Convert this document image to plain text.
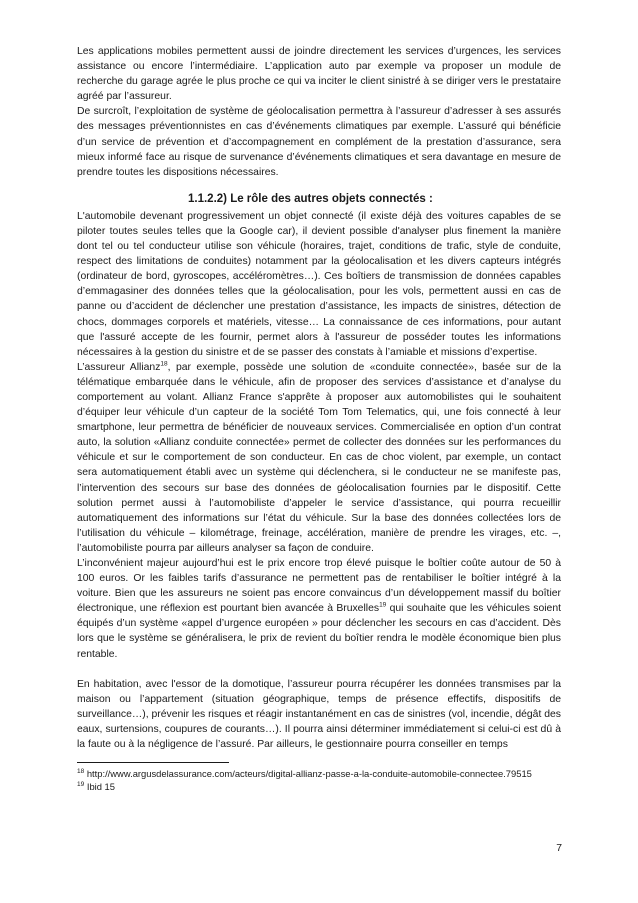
Les applications mobiles permettent aussi de joindre directement les services d’urgences, les services assistance ou encore l’intermédiaire. L’application auto par exemple va proposer un module de recherche du garage agrée le plus proche ce qui va inciter le client sinistré à se diriger vers le prestataire agréé par l’assureur.

De surcroît, l’exploitation de système de géolocalisation permettra à l’assureur d’adresser à ses assurés des messages préventionnistes en cas d’événements climatiques par exemple. L’assuré qui bénéficie d’un service de prévention et d’accompagnement en complément de la prestation d’assurance, sera mieux informé face au risque de survenance d’événements climatiques et sera davantage en mesure de prendre toutes les dispositions nécessaires.

1.1.2.2) Le rôle des autres objets connectés :

L'automobile devenant progressivement un objet connecté (il existe déjà des voitures capables de se piloter toutes seules telles que la Google car), il devient possible d'analyser plus finement la manière dont tel ou tel conducteur utilise son véhicule (horaires, trajet, conditions de trafic, style de conduite, respect des limitations de conduites) notamment par la géolocalisation et les divers capteurs intégrés (ordinateur de bord, gyroscopes, accéléromètres…). Ces boîtiers de transmission de données capables d’emmagasiner des données telles que la géolocalisation, pour les vols, permettent aussi en cas de panne ou d’accident de déclencher une prestation d’assistance, les impacts de sinistres, détection de chocs, dommages corporels et matériels, vitesse… La connaissance de ces informations, pour autant que l'assuré accepte de les fournir, permet alors à l'assureur de posséder toutes les informations nécessaires à la gestion du sinistre et de se passer des constats à l’amiable et missions d’expertise.

L’assureur Allianz$^{18}$, par exemple, possède une solution de «conduite connectée», basée sur de la télématique embarquée dans le véhicule, afin de proposer des services d’assistance et d’analyse du comportement au volant. Allianz France s'apprête à proposer aux automobilistes qui le souhaitent d’équiper leur véhicule d’un capteur de la société Tom Tom Telematics, qui, une fois connecté à leur smartphone, leur permettra de bénéficier de nouveaux services. Commercialisée en option d’un contrat auto, la solution «Allianz conduite connectée» permet de collecter des données sur les performances du véhicule et sur le comportement de son conducteur. En cas de choc violent, par exemple, un contact sera automatiquement établi avec un système qui déclenchera, si le conducteur ne se manifeste pas, l’intervention des secours sur base des données de géolocalisation fournies par le dispositif. Cette solution permet aussi à l’automobiliste d’appeler le service d’assistance, qui pourra recueillir automatiquement des informations sur l’état du véhicule. Sur la base des données collectées lors de l’utilisation du véhicule – kilométrage, freinage, accélération, manière de prendre les virages, etc. –, l’automobiliste pourra par ailleurs analyser sa façon de conduire.

L’inconvénient majeur aujourd’hui est le prix encore trop élevé puisque le boîtier coûte autour de 50 à 100 euros. Or les faibles tarifs d’assurance ne permettent pas de rentabiliser le boîtier intégré à la voiture. Bien que les assureurs ne soient pas encore convaincus d’un développement massif du boîtier électronique, une réflexion est pourtant bien avancée à Bruxelles$^{19}$ qui souhaite que les véhicules soient équipés d’un système «appel d’urgence européen » pour déclencher les secours en cas d’accident. Dès lors que le système se généralisera, le prix de revient du boîtier rendra le modèle économique bien plus rentable.

En habitation, avec l'essor de la domotique, l’assureur pourra récupérer les données transmises par la maison ou l’appartement (situation géographique, temps de présence effectifs, dispositifs de surveillance…), prévenir les risques et réagir instantanément en cas de sinistres (vol, incendie, dégât des eaux, surtensions, coupures de courants…). Il pourra ainsi déterminer immédiatement si celui-ci est dû à la faute ou à la négligence de l’assuré. Par ailleurs, le gestionnaire pourra conseiller en temps

$^{18}$ http://www.argusdelassurance.com/acteurs/digital-allianz-passe-a-la-conduite-automobile-connectee.79515
$^{19}$ Ibid 15
7
